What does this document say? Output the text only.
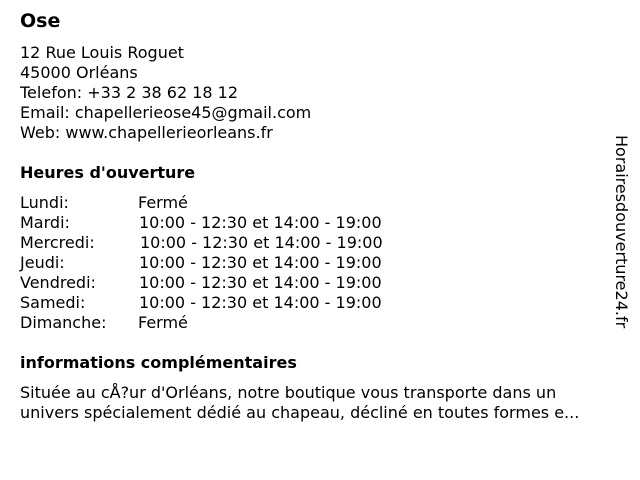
Ose
12 Rue Louis Roguet
45000 Orléans
Telefon: +33 2 38 62 18 12
Email: chapellerieose45@gmail.com
Web: www.chapellerieorleans.fr
Heures d'ouverture
Lundi:	Fermé
Mardi:	10:00 - 12:30 et 14:00 - 19:00
Mercredi:	10:00 - 12:30 et 14:00 - 19:00
Jeudi:	10:00 - 12:30 et 14:00 - 19:00
Vendredi:	10:00 - 12:30 et 14:00 - 19:00
Samedi:	10:00 - 12:30 et 14:00 - 19:00
Dimanche: Fermé
informations complémentaires
Située au cÅ?ur d'Orléans, notre boutique vous transporte dans un
univers spécialement dédié au chapeau, décliné en toutes formes e...
Horairesdouverture24.fr
